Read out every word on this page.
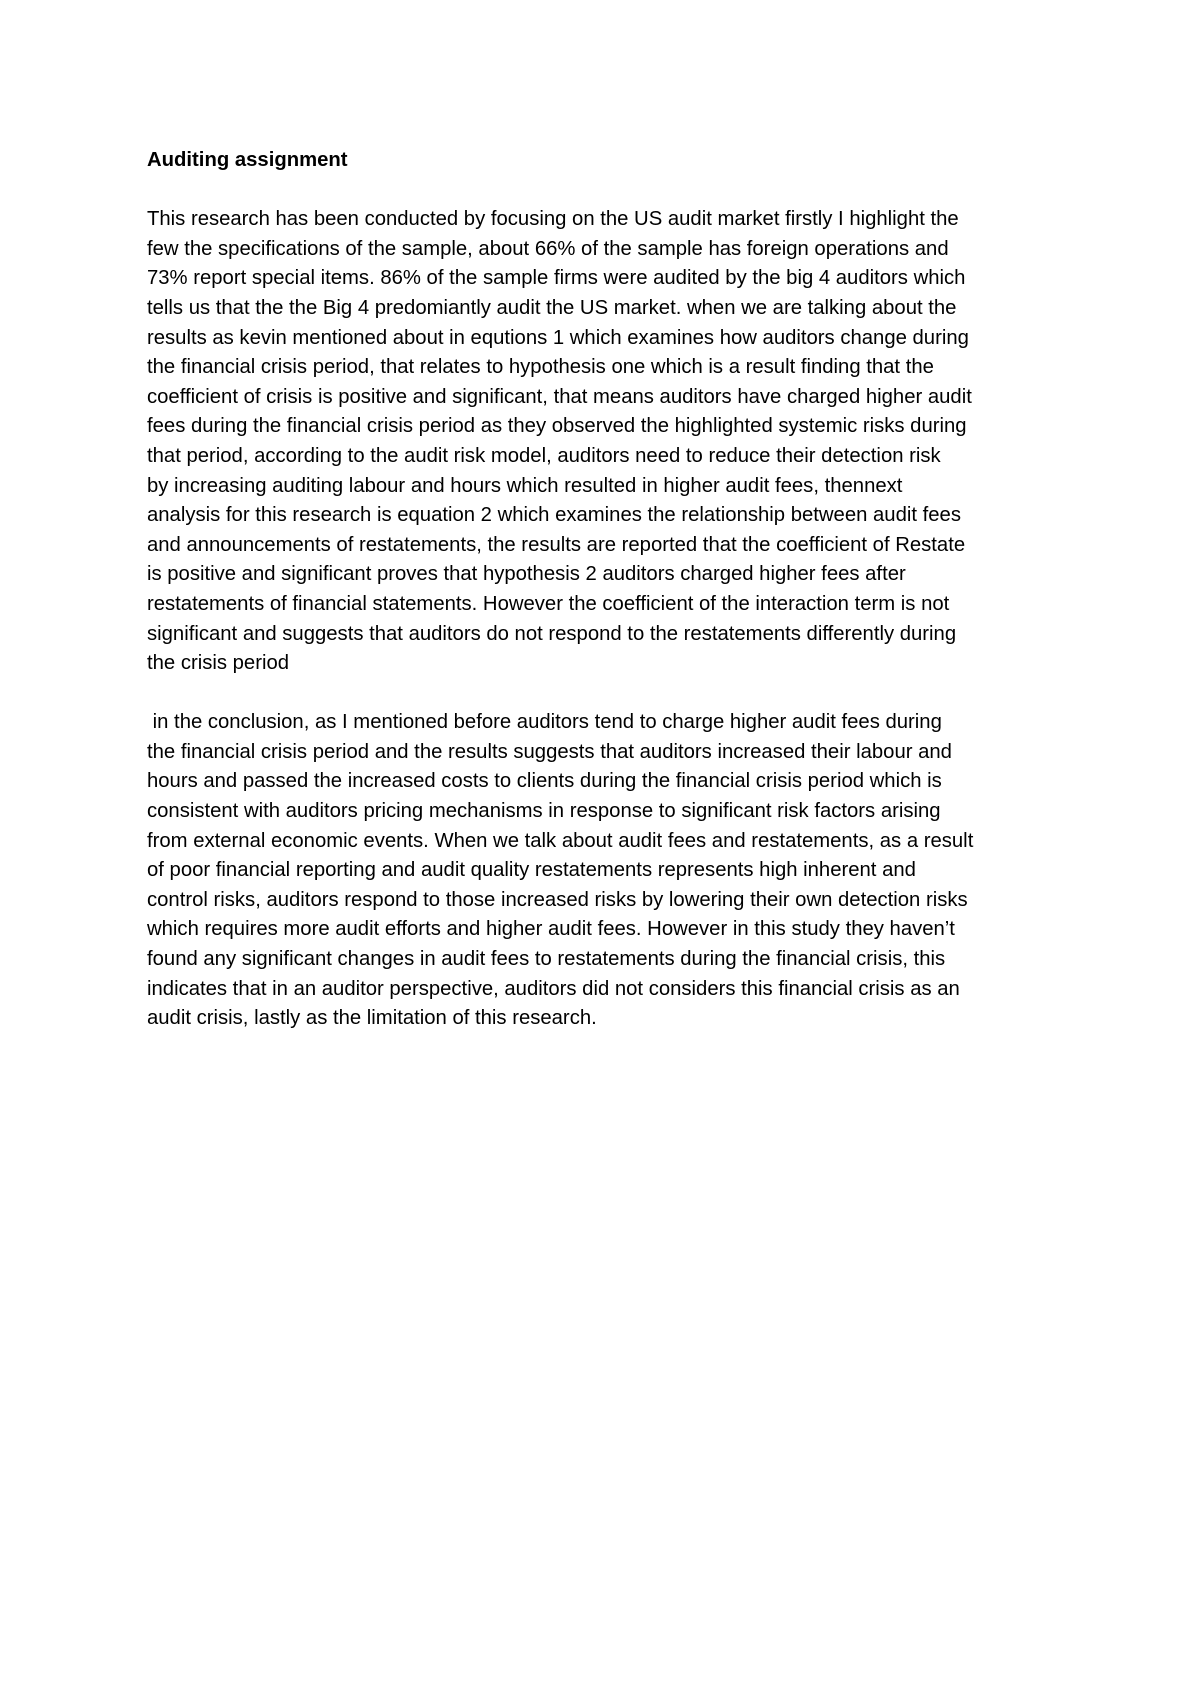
Auditing assignment
This research has been conducted by focusing on the US audit market firstly I highlight the
few the specifications of the sample, about 66% of the sample has foreign operations and
73% report special items. 86% of the sample firms were audited by the big 4 auditors which
tells us that the the Big 4 predomiantly audit the US market. when we are talking about the
results as kevin mentioned about in equtions 1 which examines how auditors change during
the financial crisis period, that relates to hypothesis one which is a result finding that the
coefficient of crisis is positive and significant, that means auditors have charged higher audit
fees during the financial crisis period as they observed the highlighted systemic risks during
that period, according to the audit risk model, auditors need to reduce their detection risk
by increasing auditing labour and hours which resulted in higher audit fees, thennext
analysis for this research is equation 2 which examines the relationship between audit fees
and announcements of restatements, the results are reported that the coefficient of Restate
is positive and significant proves that hypothesis 2 auditors charged higher fees after
restatements of financial statements. However the coefficient of the interaction term is not
significant and suggests that auditors do not respond to the restatements differently during
the crisis period
in the conclusion, as I mentioned before auditors tend to charge higher audit fees during
the financial crisis period and the results suggests that auditors increased their labour and
hours and passed the increased costs to clients during the financial crisis period which is
consistent with auditors pricing mechanisms in response to significant risk factors arising
from external economic events. When we talk about audit fees and restatements, as a result
of poor financial reporting and audit quality restatements represents high inherent and
control risks, auditors respond to those increased risks by lowering their own detection risks
which requires more audit efforts and higher audit fees. However in this study they haven’t
found any significant changes in audit fees to restatements during the financial crisis, this
indicates that in an auditor perspective, auditors did not considers this financial crisis as an
audit crisis, lastly as the limitation of this research.
